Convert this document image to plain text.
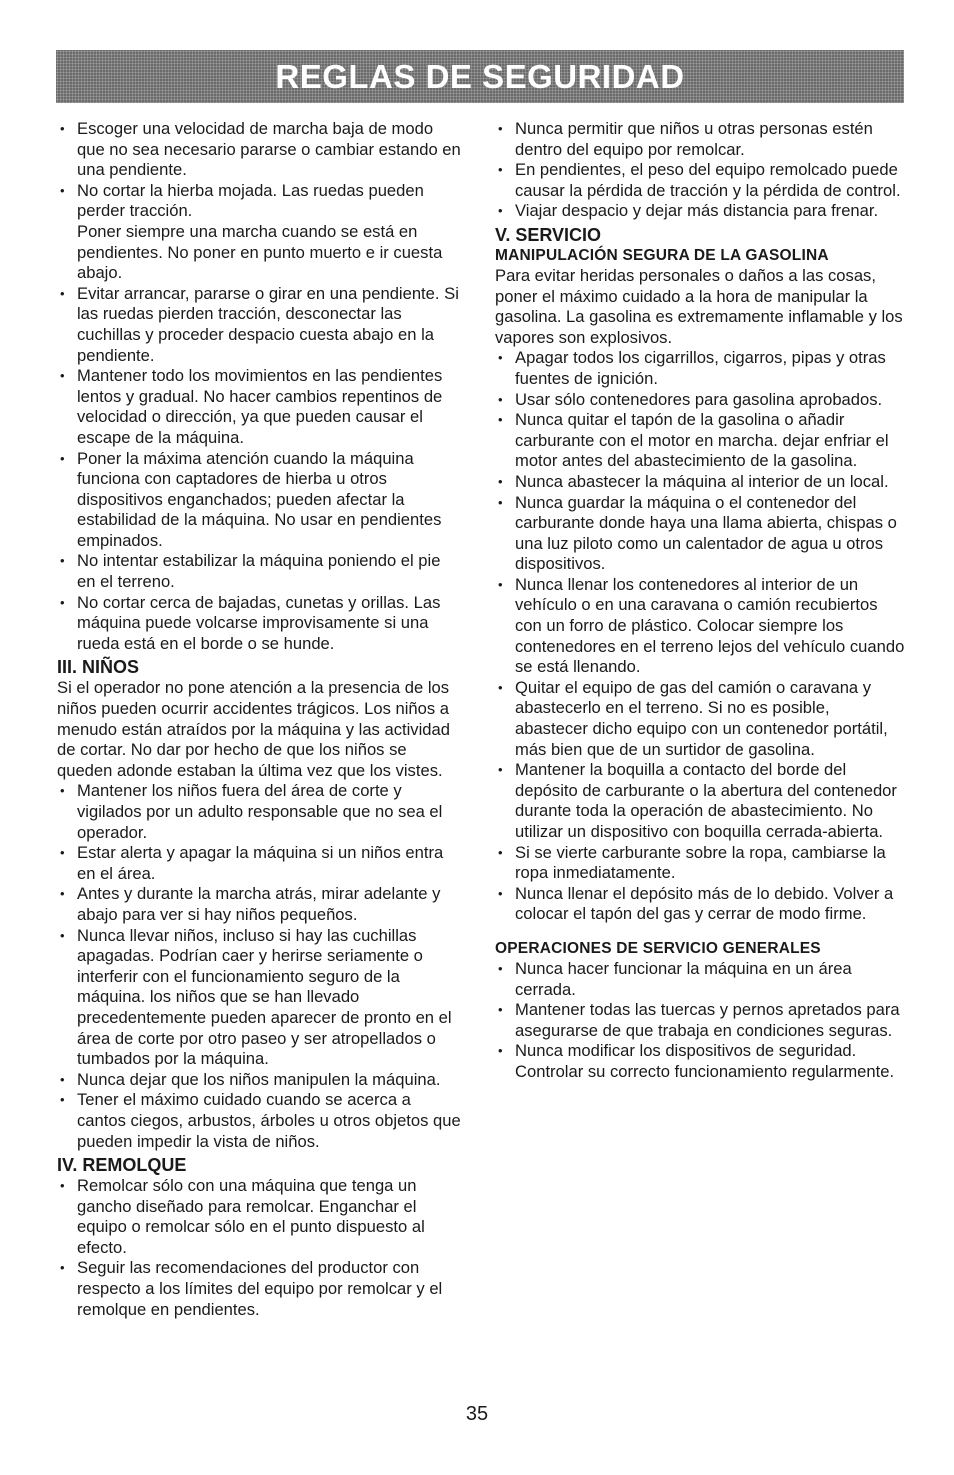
REGLAS DE SEGURIDAD
• Escoger una velocidad de marcha baja de modo que no sea necesario pararse o cambiar estando en una pendiente.
• No cortar la hierba mojada. Las ruedas pueden perder tracción.

Poner siempre una marcha cuando se está en pendientes. No poner en punto muerto e ir cuesta abajo.

• Evitar arrancar, pararse o girar en una pendiente. Si las ruedas pierden tracción, desconectar las cuchillas y proceder despacio cuesta abajo en la pendiente.
• Mantener todo los movimientos en las pendientes lentos y gradual. No hacer cambios repentinos de velocidad o dirección, ya que pueden causar el escape de la máquina.
• Poner la máxima atención cuando la máquina funciona con captadores de hierba u otros dispositivos enganchados; pueden afectar la estabilidad de la máquina. No usar en pendientes empinados.
• No intentar estabilizar la máquina poniendo el pie en el terreno.
• No cortar cerca de bajadas, cunetas y orillas. Las máquina puede volcarse improvisamente si una rueda está en el borde o se hunde.
III. NIÑOS

Si el operador no pone atención a la presencia de los niños pueden ocurrir accidentes trágicos. Los niños a menudo están atraídos por la máquina y las actividad de cortar. No dar por hecho de que los niños se queden adonde estaban la última vez que los vistes.

• Mantener los niños fuera del área de corte y vigilados por un adulto responsable que no sea el operador.
• Estar alerta y apagar la máquina si un niños entra en el área.
• Antes y durante la marcha atrás, mirar adelante y abajo para ver si hay niños pequeños.
• Nunca llevar niños, incluso si hay las cuchillas apagadas. Podrían caer y herirse seriamente o interferir con el funcionamiento seguro de la máquina. los niños que se han llevado precedentemente pueden aparecer de pronto en el área de corte por otro paseo y ser atropellados o tumbados por la máquina.
• Nunca dejar que los niños manipulen la máquina.
• Tener el máximo cuidado cuando se acerca a cantos ciegos, arbustos, árboles u otros objetos que pueden impedir la vista de niños.
IV. REMOLQUE
• Remolcar sólo con una máquina que tenga un gancho diseñado para remolcar. Enganchar el equipo o remolcar sólo en el punto dispuesto al efecto.
• Seguir las recomendaciones del productor con respecto a los límites del equipo por remolcar y el remolque en pendientes.
• Nunca permitir que niños u otras personas estén dentro del equipo por remolcar.
• En pendientes, el peso del equipo remolcado puede causar la pérdida de tracción y la pérdida de control.
• Viajar despacio y dejar más distancia para frenar.
V. SERVICIO
MANIPULACIÓN SEGURA DE LA GASOLINA

Para evitar heridas personales o daños a las cosas, poner el máximo cuidado a la hora de manipular la gasolina. La gasolina es extremamente inflamable y los vapores son explosivos.

• Apagar todos los cigarrillos, cigarros, pipas y otras fuentes de ignición.
• Usar sólo contenedores para gasolina aprobados.
• Nunca quitar el tapón de la gasolina o añadir carburante con el motor en marcha. dejar enfriar el motor antes del abastecimiento de la gasolina.
• Nunca abastecer la máquina al interior de un local.
• Nunca guardar la máquina o el contenedor del carburante donde haya una llama abierta, chispas o una luz piloto como un calentador de agua u otros dispositivos.
• Nunca llenar los contenedores al interior de un vehículo o en una caravana o camión recubiertos con un forro de plástico. Colocar siempre los contenedores en el terreno lejos del vehículo cuando se está llenando.
• Quitar el equipo de gas del camión o caravana y abastecerlo en el terreno. Si no es posible, abastecer dicho equipo con un contenedor portátil, más bien que de un surtidor de gasolina.
• Mantener la boquilla a contacto del borde del depósito de carburante o la abertura del contenedor durante toda la operación de abastecimiento. No utilizar un dispositivo con boquilla cerrada-abierta.
• Si se vierte carburante sobre la ropa, cambiarse la ropa inmediatamente.
• Nunca llenar el depósito más de lo debido. Volver a colocar el tapón del gas y cerrar de modo firme.
OPERACIONES DE SERVICIO GENERALES
• Nunca hacer funcionar la máquina en un área cerrada.
• Mantener todas las tuercas y pernos apretados para asegurarse de que trabaja en condiciones seguras.
• Nunca modificar los dispositivos de seguridad. Controlar su correcto funcionamiento regularmente.
35
